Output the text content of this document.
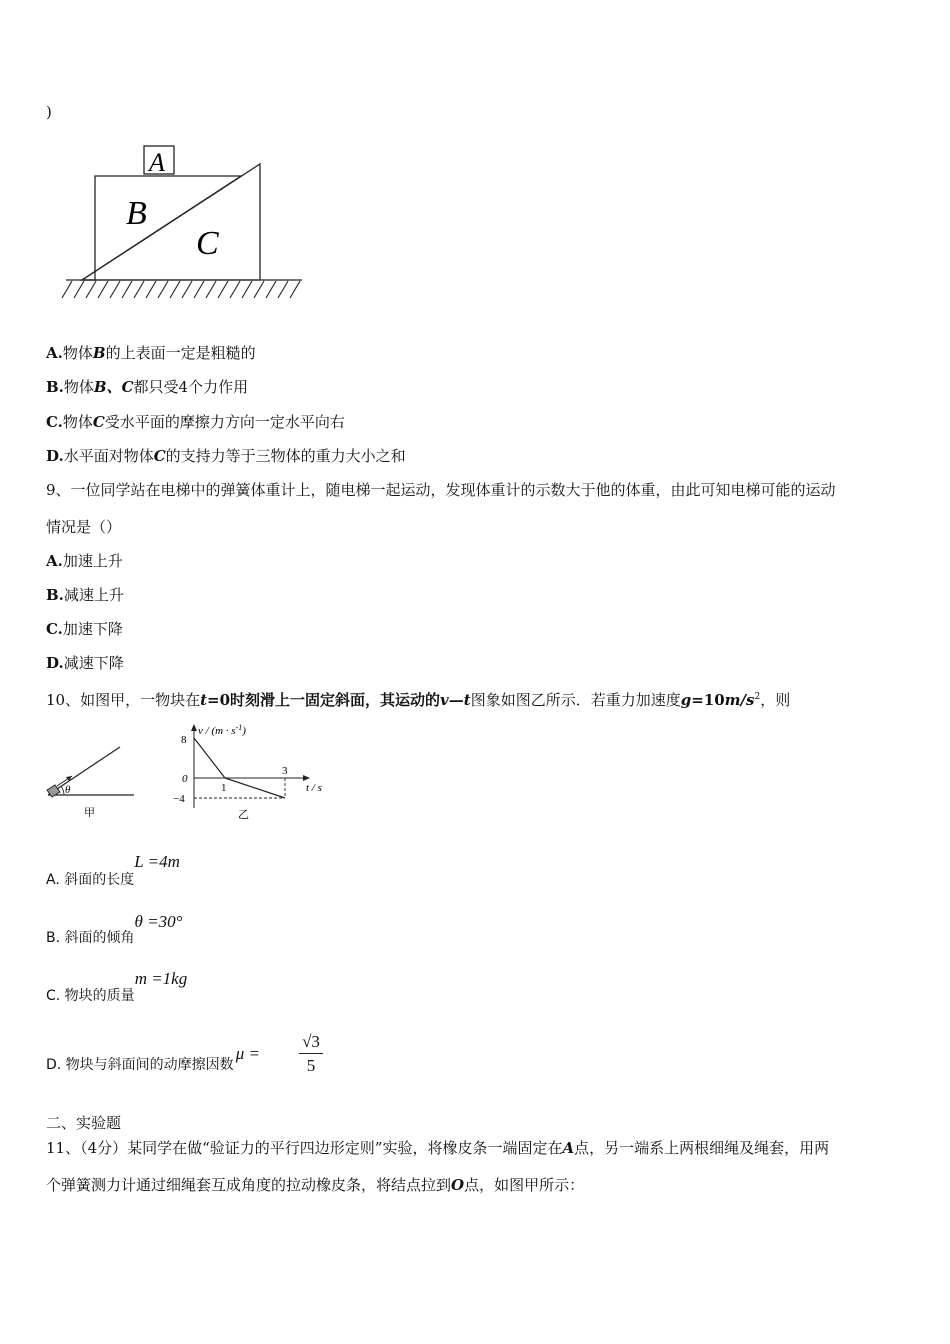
)
A
B
C
A.物体B的上表面一定是粗糙的
B.物体B、C都只受4个力作用
C.物体C受水平面的摩擦力方向一定水平向右
D.水平面对物体C的支持力等于三物体的重力大小之和
9、一位同学站在电梯中的弹簧体重计上，随电梯一起运动，发现体重计的示数大于他的体重，由此可知电梯可能的运动
情况是（）
A.加速上升
B.减速上升
C.加速下降
D.减速下降
10、如图甲，一物块在t=0时刻滑上一固定斜面，其运动的v—t图象如图乙所示．若重力加速度$g=10m/s^2$，则
θ
甲
$v / (m \cdot s^{-1})$
8
0
−4
1
3
t / s
乙
A. 斜面的长度L =4m
B. 斜面的倾角θ =30°
C. 物块的质量m =1kg
D. 物块与斜面间的动摩擦因数μ =
√3
5
二、实验题
11、（4分）某同学在做“验证力的平行四边形定则”实验，将橡皮条一端固定在A点，另一端系上两根细绳及绳套，用两
个弹簧测力计通过细绳套互成角度的拉动橡皮条，将结点拉到O点，如图甲所示：
